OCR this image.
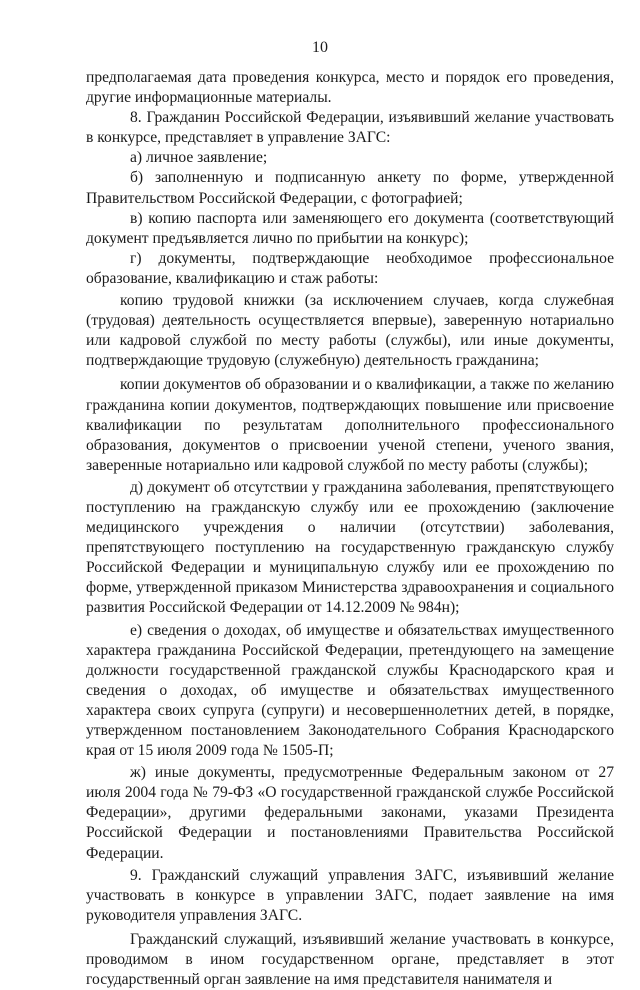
10

предполагаемая дата проведения конкурса, место и порядок его проведения, другие информационные материалы.

8. Гражданин Российской Федерации, изъявивший желание участвовать в конкурсе, представляет в управление ЗАГС:

а) личное заявление;

б) заполненную и подписанную анкету по форме, утвержденной Правительством Российской Федерации, с фотографией;

в) копию паспорта или заменяющего его документа (соответствующий документ предъявляется лично по прибытии на конкурс);

г) документы, подтверждающие необходимое профессиональное образование, квалификацию и стаж работы:

копию трудовой книжки (за исключением случаев, когда служебная (трудовая) деятельность осуществляется впервые), заверенную нотариально или кадровой службой по месту работы (службы), или иные документы, подтверждающие трудовую (служебную) деятельность гражданина;

копии документов об образовании и о квалификации, а также по желанию гражданина копии документов, подтверждающих повышение или присвоение квалификации по результатам дополнительного профессионального образования, документов о присвоении ученой степени, ученого звания, заверенные нотариально или кадровой службой по месту работы (службы);

д) документ об отсутствии у гражданина заболевания, препятствующего поступлению на гражданскую службу или ее прохождению (заключение медицинского учреждения о наличии (отсутствии) заболевания, препятствующего поступлению на государственную гражданскую службу Российской Федерации и муниципальную службу или ее прохождению по форме, утвержденной приказом Министерства здравоохранения и социального развития Российской Федерации от 14.12.2009 № 984н);

е) сведения о доходах, об имуществе и обязательствах имущественного характера гражданина Российской Федерации, претендующего на замещение должности государственной гражданской службы Краснодарского края и сведения о доходах, об имуществе и обязательствах имущественного характера своих супруга (супруги) и несовершеннолетних детей, в порядке, утвержденном постановлением Законодательного Собрания Краснодарского края от 15 июля 2009 года № 1505-П;

ж) иные документы, предусмотренные Федеральным законом от 27 июля 2004 года № 79-ФЗ «О государственной гражданской службе Российской Федерации», другими федеральными законами, указами Президента Российской Федерации и постановлениями Правительства Российской Федерации.

9. Гражданский служащий управления ЗАГС, изъявивший желание участвовать в конкурсе в управлении ЗАГС, подает заявление на имя руководителя управления ЗАГС.

Гражданский служащий, изъявивший желание участвовать в конкурсе, проводимом в ином государственном органе, представляет в этот государственный орган заявление на имя представителя нанимателя и
